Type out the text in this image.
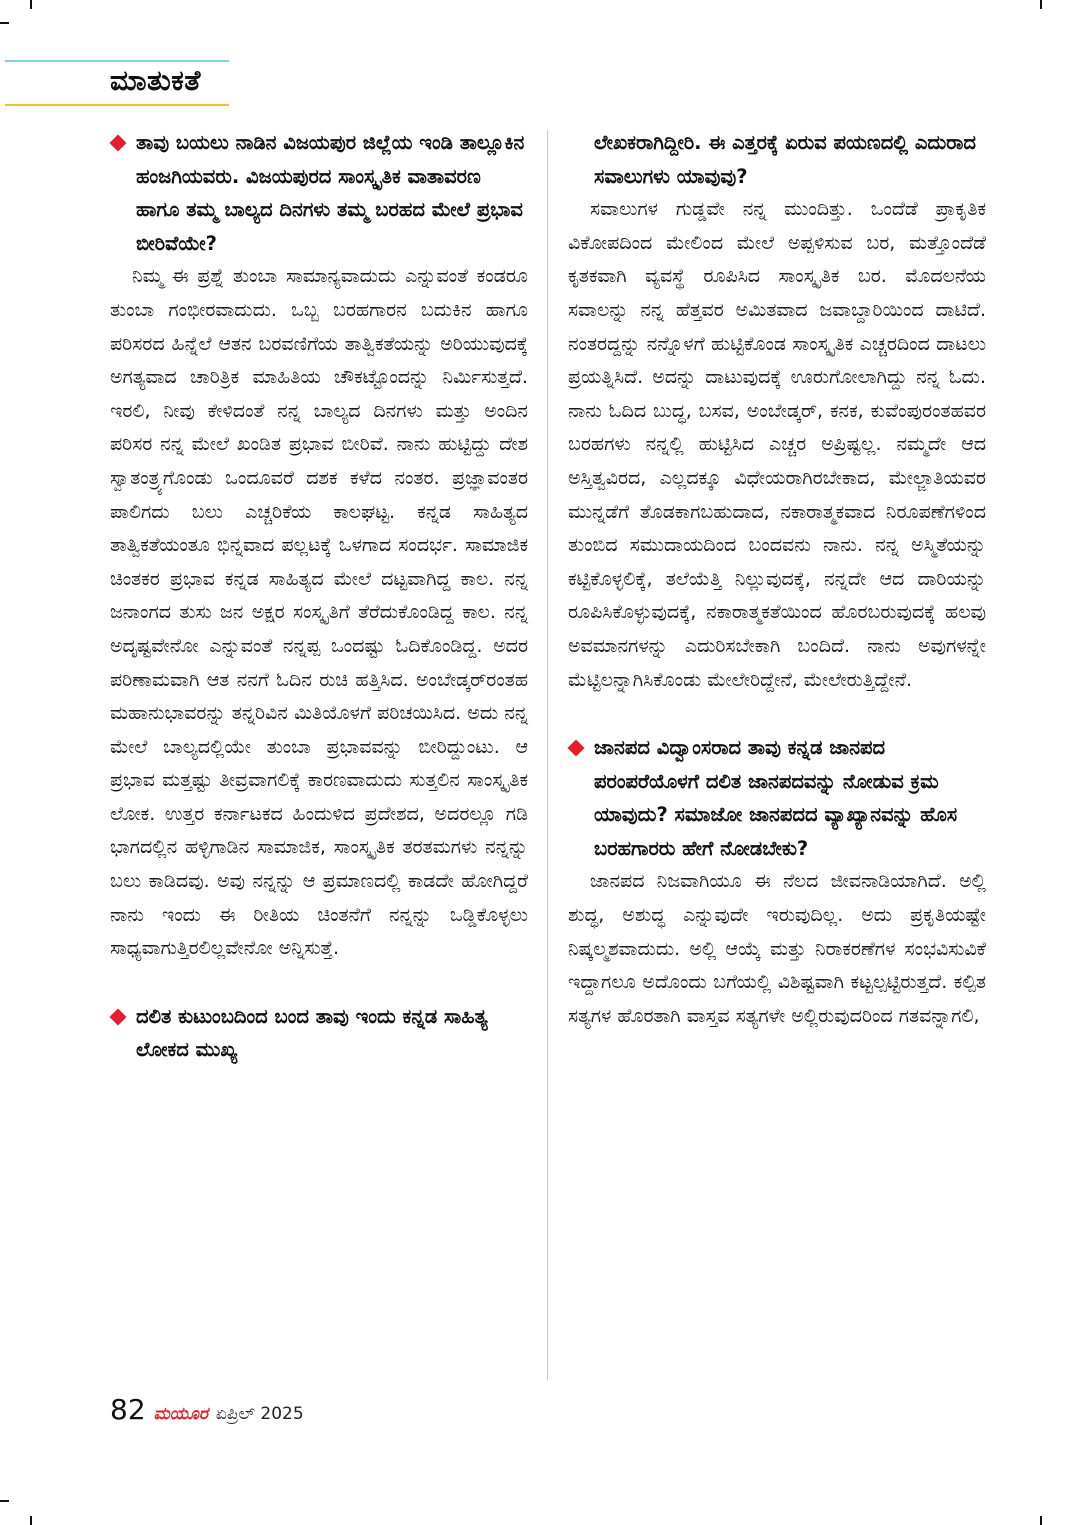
ಮಾತುಕತೆ
ತಾವು ಬಯಲು ನಾಡಿನ ವಿಜಯಪುರ ಜಿಲ್ಲೆಯ ಇಂಡಿ ತಾಲ್ಲೂಕಿನ ಹಂಜಗಿಯವರು. ವಿಜಯಪುರದ ಸಾಂಸ್ಕೃತಿಕ ವಾತಾವರಣ ಹಾಗೂ ತಮ್ಮ ಬಾಲ್ಯದ ದಿನಗಳು ತಮ್ಮ ಬರಹದ ಮೇಲೆ ಪ್ರಭಾವ ಬೀರಿವೆಯೇ?

ನಿಮ್ಮ ಈ ಪ್ರಶ್ನೆ ತುಂಬಾ ಸಾಮಾನ್ಯವಾದುದು ಎನ್ನುವಂತೆ ಕಂಡರೂ ತುಂಬಾ ಗಂಭೀರವಾದುದು. ಒಬ್ಬ ಬರಹಗಾರನ ಬದುಕಿನ ಹಾಗೂ ಪರಿಸರದ ಹಿನ್ನೆಲೆ ಆತನ ಬರವಣಿಗೆಯ ತಾತ್ವಿಕತೆಯನ್ನು ಅರಿಯುವುದಕ್ಕೆ ಅಗತ್ಯವಾದ ಚಾರಿತ್ರಿಕ ಮಾಹಿತಿಯ ಚೌಕಟ್ಟೊಂದನ್ನು ನಿರ್ಮಿಸುತ್ತದೆ. ಇರಲಿ, ನೀವು ಕೇಳಿದಂತೆ ನನ್ನ ಬಾಲ್ಯದ ದಿನಗಳು ಮತ್ತು ಅಂದಿನ ಪರಿಸರ ನನ್ನ ಮೇಲೆ ಖಂಡಿತ ಪ್ರಭಾವ ಬೀರಿವೆ. ನಾನು ಹುಟ್ಟಿದ್ದು ದೇಶ ಸ್ವಾತಂತ್ರ್ಯಗೊಂಡು ಒಂದೂವರೆ ದಶಕ ಕಳೆದ ನಂತರ. ಪ್ರಜ್ಞಾವಂತರ ಪಾಲಿಗದು ಬಲು ಎಚ್ಚರಿಕೆಯ ಕಾಲಘಟ್ಟ. ಕನ್ನಡ ಸಾಹಿತ್ಯದ ತಾತ್ವಿಕತೆಯಂತೂ ಭಿನ್ನವಾದ ಪಲ್ಲಟಕ್ಕೆ ಒಳಗಾದ ಸಂದರ್ಭ. ಸಾಮಾಜಿಕ ಚಿಂತಕರ ಪ್ರಭಾವ ಕನ್ನಡ ಸಾಹಿತ್ಯದ ಮೇಲೆ ದಟ್ಟವಾಗಿದ್ದ ಕಾಲ. ನನ್ನ ಜನಾಂಗದ ತುಸು ಜನ ಅಕ್ಷರ ಸಂಸ್ಕೃತಿಗೆ ತೆರೆದುಕೊಂಡಿದ್ದ ಕಾಲ. ನನ್ನ ಅದೃಷ್ಟವೇನೋ ಎನ್ನುವಂತೆ ನನ್ನಪ್ಪ ಒಂದಷ್ಟು ಓದಿಕೊಂಡಿದ್ದ. ಅದರ ಪರಿಣಾಮವಾಗಿ ಆತ ನನಗೆ ಓದಿನ ರುಚಿ ಹತ್ತಿಸಿದ. ಅಂಬೇಡ್ಕರ್‌ರಂತಹ ಮಹಾನುಭಾವರನ್ನು ತನ್ನರಿವಿನ ಮಿತಿಯೊಳಗೆ ಪರಿಚಯಿಸಿದ. ಅದು ನನ್ನ ಮೇಲೆ ಬಾಲ್ಯದಲ್ಲಿಯೇ ತುಂಬಾ ಪ್ರಭಾವವನ್ನು ಬೀರಿದ್ದುಂಟು. ಆ ಪ್ರಭಾವ ಮತ್ತಷ್ಟು ತೀವ್ರವಾಗಲಿಕ್ಕೆ ಕಾರಣವಾದುದು ಸುತ್ತಲಿನ ಸಾಂಸ್ಕೃತಿಕ ಲೋಕ. ಉತ್ತರ ಕರ್ನಾಟಕದ ಹಿಂದುಳಿದ ಪ್ರದೇಶದ, ಅದರಲ್ಲೂ ಗಡಿ ಭಾಗದಲ್ಲಿನ ಹಳ್ಳಿಗಾಡಿನ ಸಾಮಾಜಿಕ, ಸಾಂಸ್ಕೃತಿಕ ತರತಮಗಳು ನನ್ನನ್ನು ಬಲು ಕಾಡಿದವು. ಅವು ನನ್ನನ್ನು ಆ ಪ್ರಮಾಣದಲ್ಲಿ ಕಾಡದೇ ಹೋಗಿದ್ದರೆ ನಾನು ಇಂದು ಈ ರೀತಿಯ ಚಿಂತನೆಗೆ ನನ್ನನ್ನು ಒಡ್ಡಿಕೊಳ್ಳಲು ಸಾಧ್ಯವಾಗುತ್ತಿರಲಿಲ್ಲವೇನೋ ಅನ್ನಿಸುತ್ತೆ.

ದಲಿತ ಕುಟುಂಬದಿಂದ ಬಂದ ತಾವು ಇಂದು ಕನ್ನಡ ಸಾಹಿತ್ಯ ಲೋಕದ ಮುಖ್ಯ
ಲೇಖಕರಾಗಿದ್ದೀರಿ. ಈ ಎತ್ತರಕ್ಕೆ ಏರುವ ಪಯಣದಲ್ಲಿ ಎದುರಾದ ಸವಾಲುಗಳು ಯಾವುವು?

ಸವಾಲುಗಳ ಗುಡ್ಡವೇ ನನ್ನ ಮುಂದಿತ್ತು. ಒಂದೆಡೆ ಪ್ರಾಕೃತಿಕ ವಿಕೋಪದಿಂದ ಮೇಲಿಂದ ಮೇಲೆ ಅಪ್ಪಳಿಸುವ ಬರ, ಮತ್ತೊಂದೆಡೆ ಕೃತಕವಾಗಿ ವ್ಯವಸ್ಥೆ ರೂಪಿಸಿದ ಸಾಂಸ್ಕೃತಿಕ ಬರ. ಮೊದಲನೆಯ ಸವಾಲನ್ನು ನನ್ನ ಹೆತ್ತವರ ಅಮಿತವಾದ ಜವಾಬ್ದಾರಿಯಿಂದ ದಾಟಿದೆ. ನಂತರದ್ದನ್ನು ನನ್ನೊಳಗೆ ಹುಟ್ಟಿಕೊಂಡ ಸಾಂಸ್ಕೃತಿಕ ಎಚ್ಚರದಿಂದ ದಾಟಲು ಪ್ರಯತ್ನಿಸಿದೆ. ಅದನ್ನು ದಾಟುವುದಕ್ಕೆ ಊರುಗೋಲಾಗಿದ್ದು ನನ್ನ ಓದು. ನಾನು ಓದಿದ ಬುದ್ಧ, ಬಸವ, ಅಂಬೇಡ್ಕರ್, ಕನಕ, ಕುವೆಂಪುರಂತಹವರ ಬರಹಗಳು ನನ್ನಲ್ಲಿ ಹುಟ್ಟಿಸಿದ ಎಚ್ಚರ ಅಪ್ರಿಷ್ಟಲ್ಲ. ನಮ್ಮದೇ ಆದ ಅಸ್ತಿತ್ವವಿರದ, ಎಲ್ಲದಕ್ಕೂ ವಿಧೇಯರಾಗಿರಬೇಕಾದ, ಮೇಲ್ಜಾತಿಯವರ ಮುನ್ನಡೆಗೆ ತೊಡಕಾಗಬಹುದಾದ, ನಕಾರಾತ್ಮಕವಾದ ನಿರೂಪಣೆಗಳಿಂದ ತುಂಬಿದ ಸಮುದಾಯದಿಂದ ಬಂದವನು ನಾನು. ನನ್ನ ಅಸ್ಮಿತೆಯನ್ನು ಕಟ್ಟಿಕೊಳ್ಳಲಿಕ್ಕೆ, ತಲೆಯೆತ್ತಿ ನಿಲ್ಲುವುದಕ್ಕೆ, ನನ್ನದೇ ಆದ ದಾರಿಯನ್ನು ರೂಪಿಸಿಕೊಳ್ಳುವುದಕ್ಕೆ, ನಕಾರಾತ್ಮಕತೆಯಿಂದ ಹೊರಬರುವುದಕ್ಕೆ ಹಲವು ಅವಮಾನಗಳನ್ನು ಎದುರಿಸಬೇಕಾಗಿ ಬಂದಿದೆ. ನಾನು ಅವುಗಳನ್ನೇ ಮೆಟ್ಟಿಲನ್ನಾಗಿಸಿಕೊಂಡು ಮೇಲೇರಿದ್ದೇನೆ, ಮೇಲೇರುತ್ತಿದ್ದೇನೆ.

ಜಾನಪದ ವಿದ್ವಾಂಸರಾದ ತಾವು ಕನ್ನಡ ಜಾನಪದ ಪರಂಪರೆಯೊಳಗೆ ದಲಿತ ಜಾನಪದವನ್ನು ನೋಡುವ ಕ್ರಮ ಯಾವುದು? ಸಮಾಜೋ ಜಾನಪದದ ವ್ಯಾಖ್ಯಾನವನ್ನು ಹೊಸ ಬರಹಗಾರರು ಹೇಗೆ ನೋಡಬೇಕು?

ಜಾನಪದ ನಿಜವಾಗಿಯೂ ಈ ನೆಲದ ಜೀವನಾಡಿಯಾಗಿದೆ. ಅಲ್ಲಿ ಶುದ್ಧ, ಅಶುದ್ಧ ಎನ್ನುವುದೇ ಇರುವುದಿಲ್ಲ. ಅದು ಪ್ರಕೃತಿಯಷ್ಟೇ ನಿಷ್ಕಲ್ಮಶವಾದುದು. ಅಲ್ಲಿ ಆಯ್ಕೆ ಮತ್ತು ನಿರಾಕರಣೆಗಳ ಸಂಭವಿಸುವಿಕೆ ಇದ್ದಾಗಲೂ ಅದೊಂದು ಬಗೆಯಲ್ಲಿ ವಿಶಿಷ್ಟವಾಗಿ ಕಟ್ಟಲ್ಪಟ್ಟಿರುತ್ತದೆ. ಕಲ್ಪಿತ ಸತ್ಯಗಳ ಹೊರತಾಗಿ ವಾಸ್ತವ ಸತ್ಯಗಳೇ ಅಲ್ಲಿರುವುದರಿಂದ ಗತವನ್ನಾಗಲಿ,

82 ಮಯೂರ ಏಪ್ರಿಲ್ 2025
